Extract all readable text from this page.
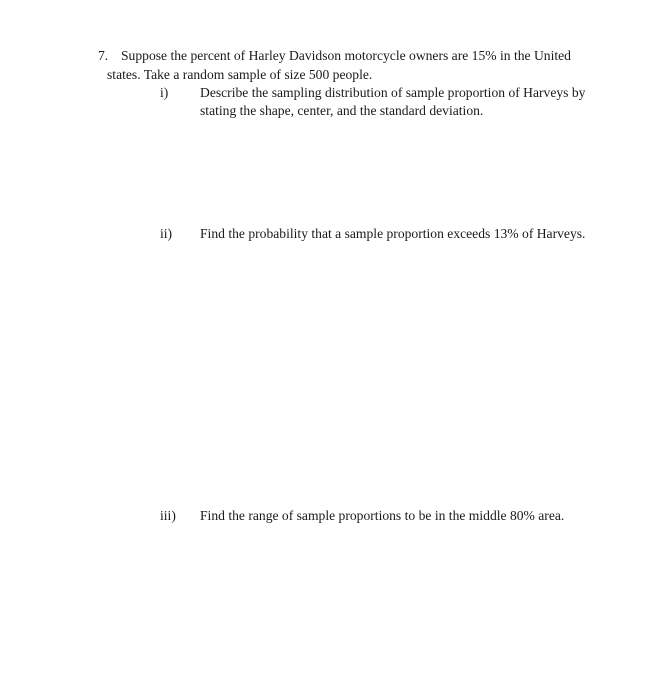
7. Suppose the percent of Harley Davidson motorcycle owners are 15% in the United
states. Take a random sample of size 500 people.
i) Describe the sampling distribution of sample proportion of Harveys by
stating the shape, center, and the standard deviation.
ii) Find the probability that a sample proportion exceeds 13% of Harveys.
iii) Find the range of sample proportions to be in the middle 80% area.
